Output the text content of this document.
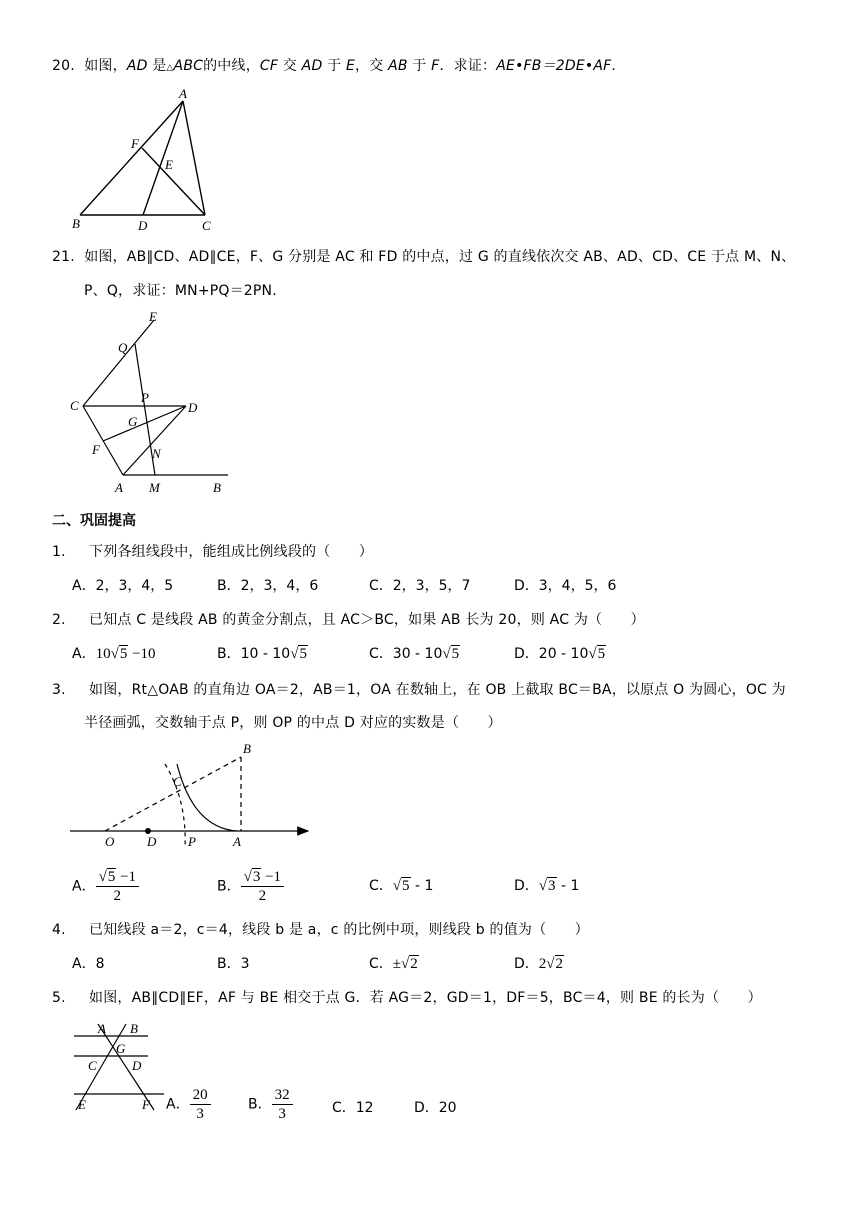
20. 如图，AD 是△ABC的中线，CF 交 AD 于 E，交 AB 于 F．求证：AE•FB＝2DE•AF.
A
B	D	C
E
F
21. 如图，AB∥CD、AD∥CE，F、G 分别是 AC 和 FD 的中点，过 G 的直线依次交 AB、AD、CD、CE 于点 M、N、
P、Q，求证：MN+PQ＝2PN.
E
Q
C
P
D
G
F	N
A M	B
二、巩固提高
1. 下列各组线段中，能组成比例线段的（　　）
A．2，3，4，5	B．2，3，4，6	C．2，3，5，7	D．3，4，5，6
2. 已知点 C 是线段 AB 的黄金分割点，且 AC＞BC，如果 AB 长为 20，则 AC 为（　　）
A．10√5 −10	B．10 - 10√5	C．30 - 10√5	D．20 - 10√5
3. 如图，Rt△OAB 的直角边 OA＝2，AB＝1，OA 在数轴上，在 OB 上截取 BC＝BA，以原点 O 为圆心，OC 为
半径画弧，交数轴于点 P，则 OP 的中点 D 对应的实数是（　　）
B
C
O	D P	A
A． $\frac{√5 -1}{2}$	B． $\frac{√3 -1}{2}$	C．√5 - 1	D．√3 - 1
4. 已知线段 a＝2，c＝4，线段 b 是 a，c 的比例中项，则线段 b 的值为（　　）
A．8	B．3	C．±√2	D．2√2
5. 如图，AB∥CD∥EF，AF 与 BE 相交于点 G．若 AG＝2，GD＝1，DF＝5，BC＝4，则 BE 的长为（　　）
A B
G
C	D
E	F A． $\frac{20}{3}$	B． $\frac{32}{3}$	C．12	D．20
